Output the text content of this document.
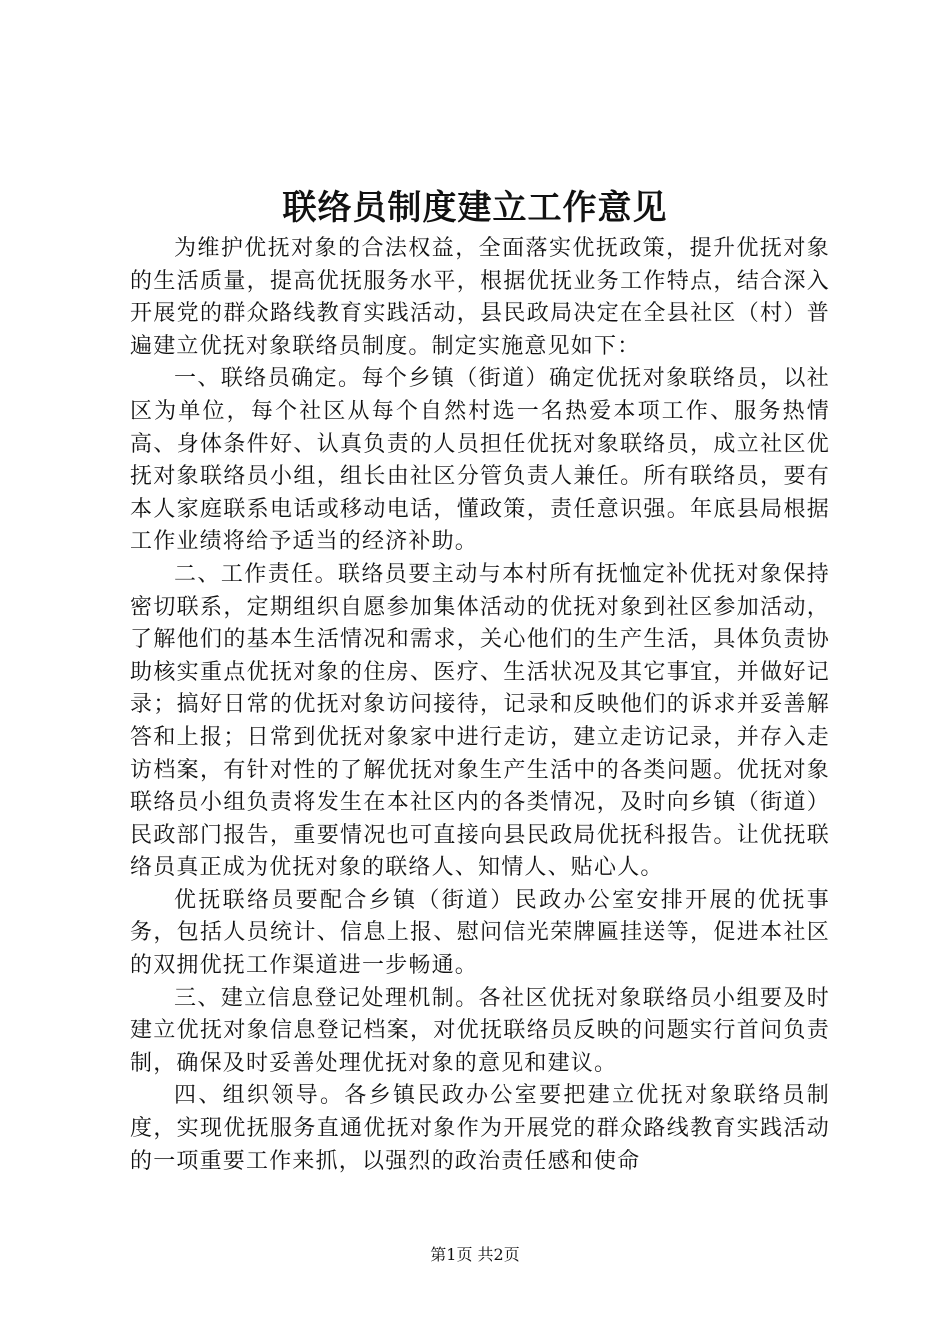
联络员制度建立工作意见

为维护优抚对象的合法权益，全面落实优抚政策，提升优抚对象的生活质量，提高优抚服务水平，根据优抚业务工作特点，结合深入开展党的群众路线教育实践活动，县民政局决定在全县社区（村）普遍建立优抚对象联络员制度。制定实施意见如下：

一、联络员确定。每个乡镇（街道）确定优抚对象联络员，以社区为单位，每个社区从每个自然村选一名热爱本项工作、服务热情高、身体条件好、认真负责的人员担任优抚对象联络员，成立社区优抚对象联络员小组，组长由社区分管负责人兼任。所有联络员，要有本人家庭联系电话或移动电话，懂政策，责任意识强。年底县局根据工作业绩将给予适当的经济补助。

二、工作责任。联络员要主动与本村所有抚恤定补优抚对象保持密切联系，定期组织自愿参加集体活动的优抚对象到社区参加活动，了解他们的基本生活情况和需求，关心他们的生产生活，具体负责协助核实重点优抚对象的住房、医疗、生活状况及其它事宜，并做好记录；搞好日常的优抚对象访问接待，记录和反映他们的诉求并妥善解答和上报；日常到优抚对象家中进行走访，建立走访记录，并存入走访档案，有针对性的了解优抚对象生产生活中的各类问题。优抚对象联络员小组负责将发生在本社区内的各类情况，及时向乡镇（街道）民政部门报告，重要情况也可直接向县民政局优抚科报告。让优抚联络员真正成为优抚对象的联络人、知情人、贴心人。

优抚联络员要配合乡镇（街道）民政办公室安排开展的优抚事务，包括人员统计、信息上报、慰问信光荣牌匾挂送等，促进本社区的双拥优抚工作渠道进一步畅通。

三、建立信息登记处理机制。各社区优抚对象联络员小组要及时建立优抚对象信息登记档案，对优抚联络员反映的问题实行首问负责制，确保及时妥善处理优抚对象的意见和建议。

四、组织领导。各乡镇民政办公室要把建立优抚对象联络员制度，实现优抚服务直通优抚对象作为开展党的群众路线教育实践活动的一项重要工作来抓，以强烈的政治责任感和使命

第1页 共2页
